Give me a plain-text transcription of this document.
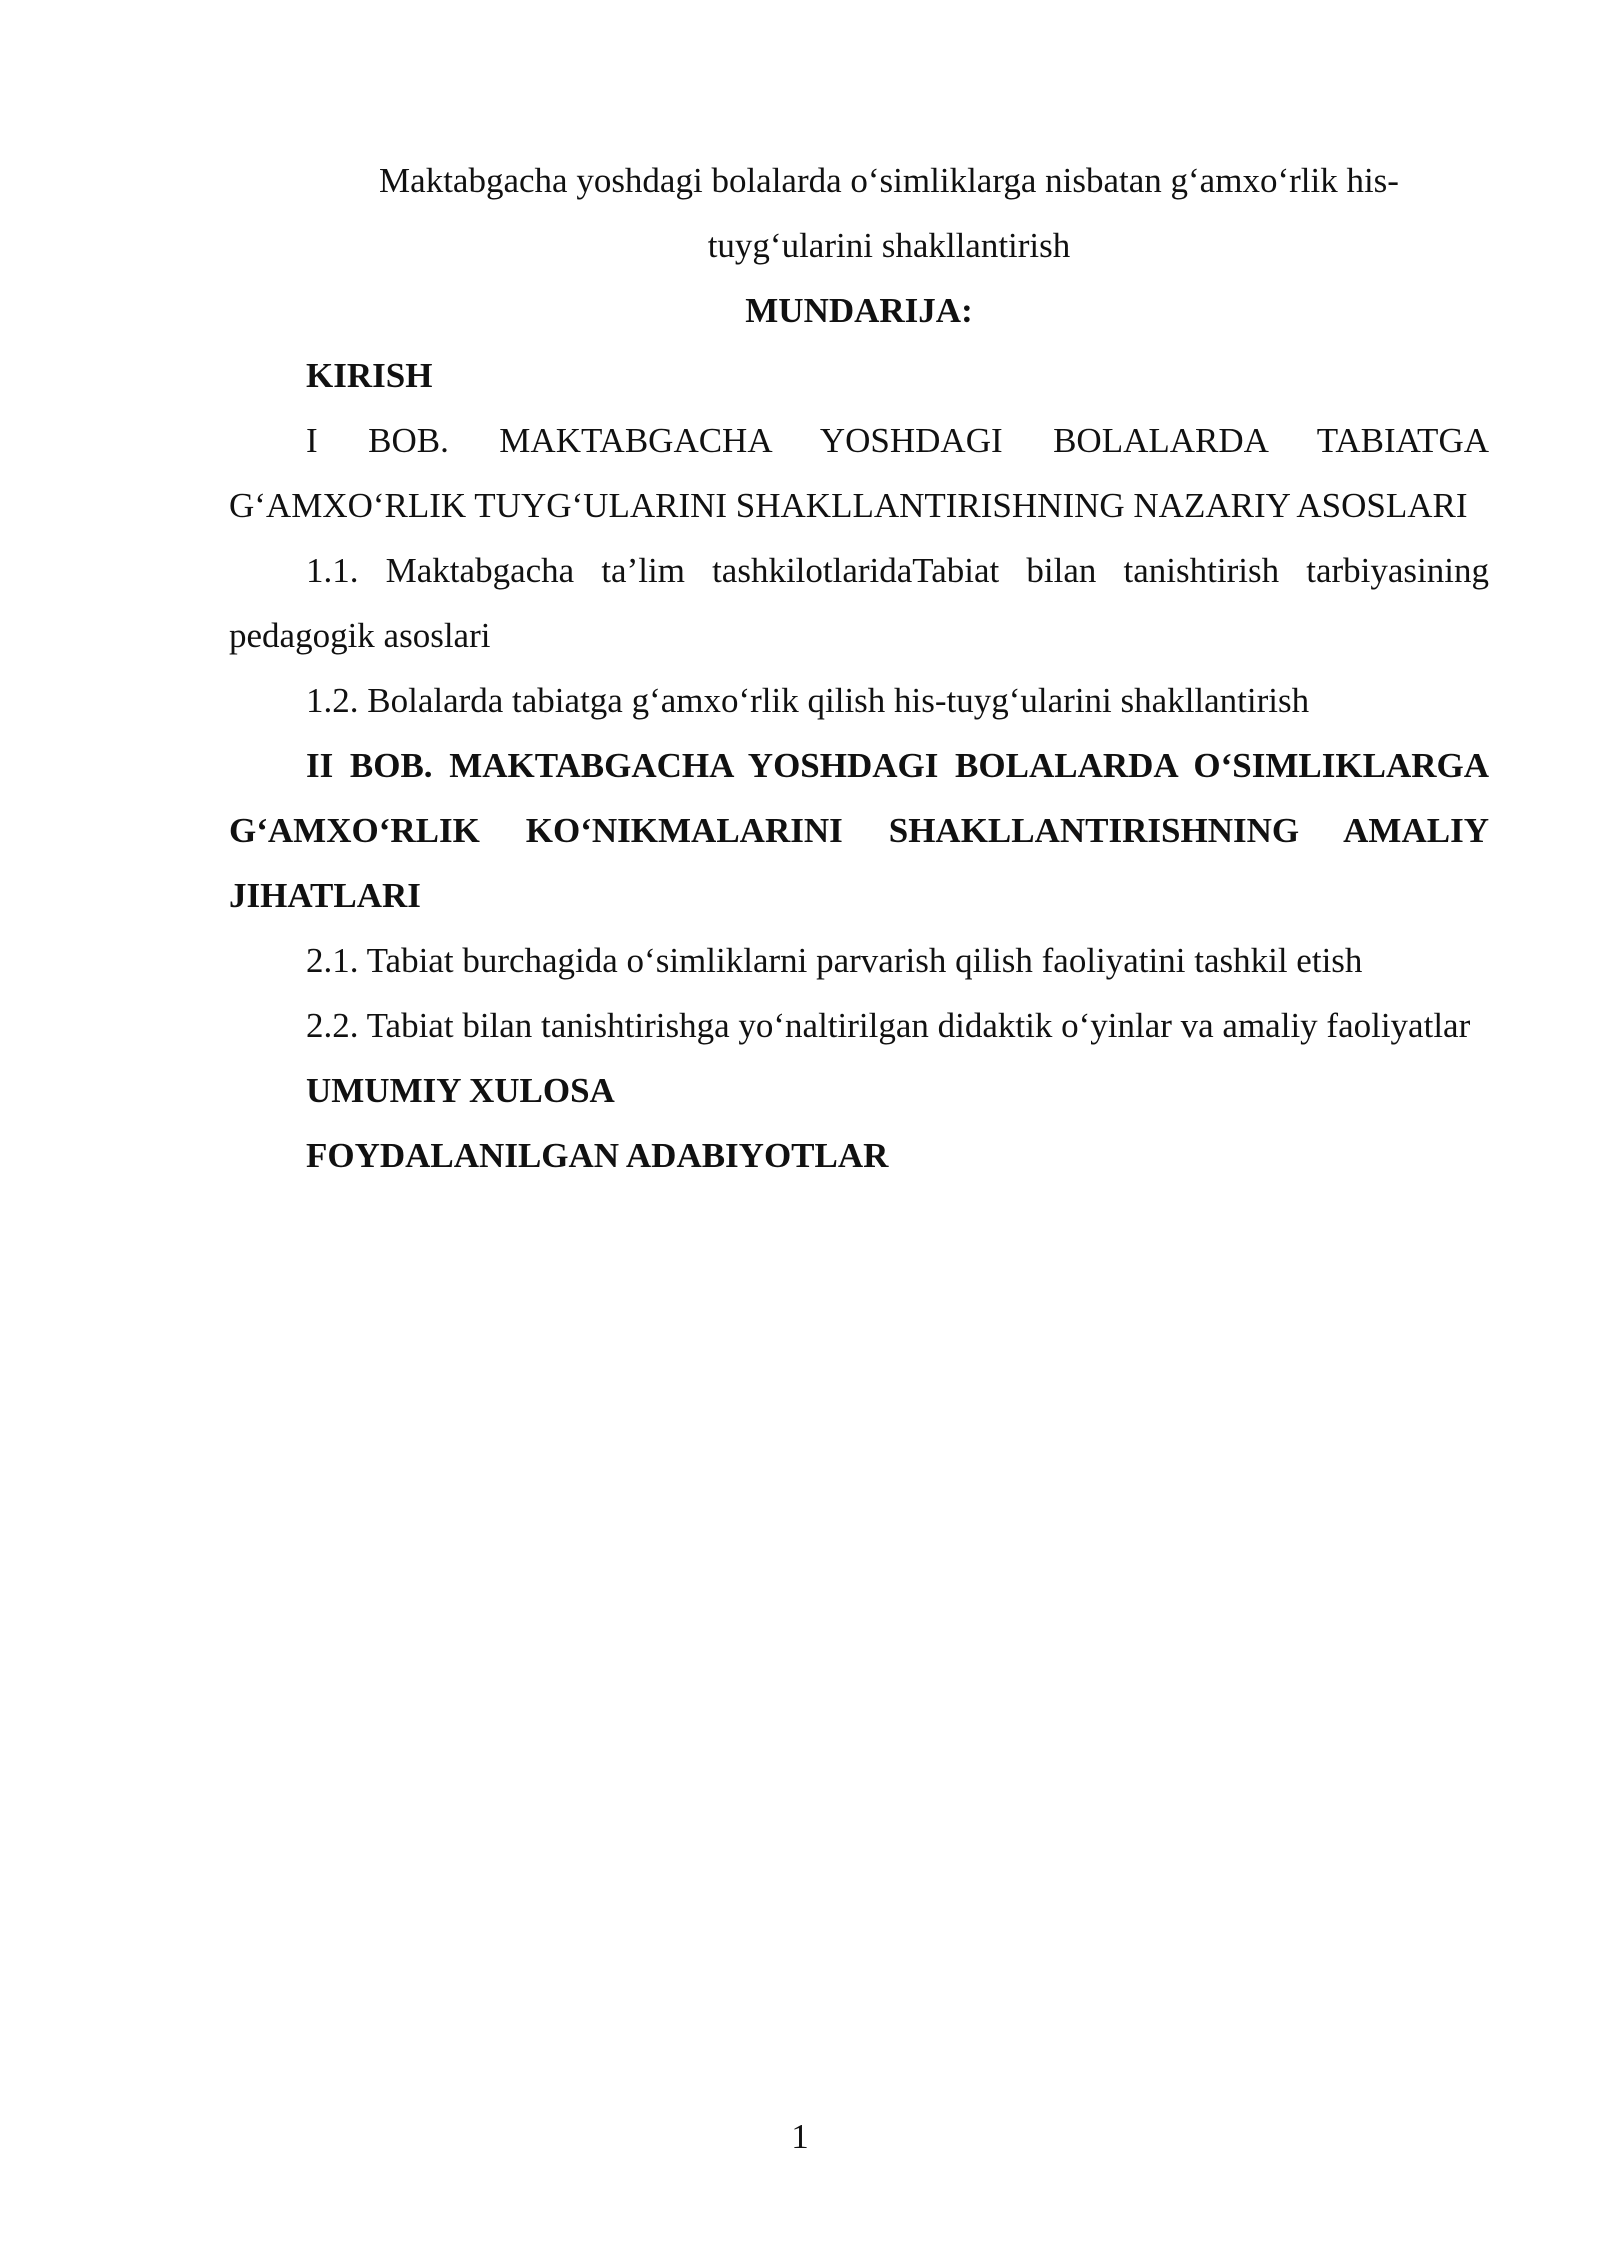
Maktabgacha yoshdagi bolalarda o‘simliklarga nisbatan g‘amxo‘rlik his-

tuyg‘ularini shakllantirish

MUNDARIJA:

KIRISH

I BOB. MAKTABGACHA YOSHDAGI BOLALARDA TABIATGA G‘AMXO‘RLIK TUYG‘ULARINI SHAKLLANTIRISHNING NAZARIY ASOSLARI

1.1. Maktabgacha ta’lim tashkilotlaridaTabiat bilan tanishtirish tarbiyasining pedagogik asoslari

1.2. Bolalarda tabiatga g‘amxo‘rlik qilish his-tuyg‘ularini shakllantirish

II BOB. MAKTABGACHA YOSHDAGI BOLALARDA O‘SIMLIKLARGA G‘AMXO‘RLIK KO‘NIKMALARINI SHAKLLANTIRISHNING AMALIY JIHATLARI

2.1. Tabiat burchagida o‘simliklarni parvarish qilish faoliyatini tashkil etish

2.2. Tabiat bilan tanishtirishga yo‘naltirilgan didaktik o‘yinlar va amaliy faoliyatlar

UMUMIY XULOSA

FOYDALANILGAN ADABIYOTLAR

1
